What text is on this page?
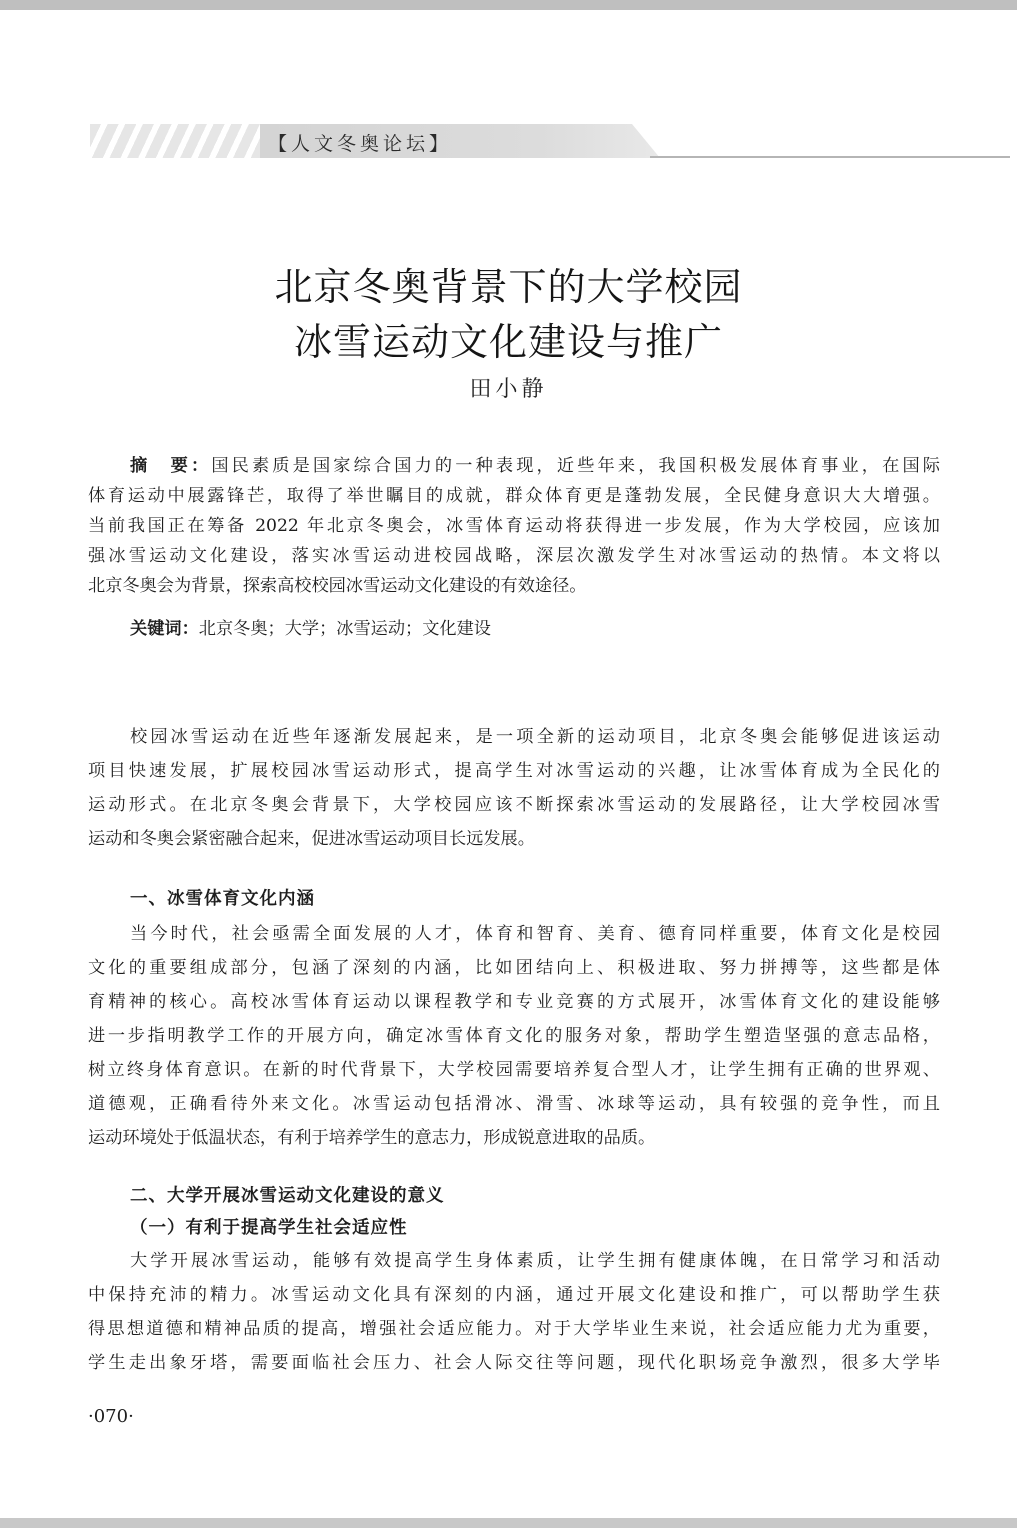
【人文冬奥论坛】
北京冬奥背景下的大学校园
冰雪运动文化建设与推广
田小静
摘　要：国民素质是国家综合国力的一种表现，近些年来，我国积极发展体育事业，在国际
体育运动中展露锋芒，取得了举世瞩目的成就，群众体育更是蓬勃发展，全民健身意识大大增强。
当前我国正在筹备 2022 年北京冬奥会，冰雪体育运动将获得进一步发展，作为大学校园，应该加
强冰雪运动文化建设，落实冰雪运动进校园战略，深层次激发学生对冰雪运动的热情。本文将以
北京冬奥会为背景，探索高校校园冰雪运动文化建设的有效途径。
关键词：北京冬奥；大学；冰雪运动；文化建设
校园冰雪运动在近些年逐渐发展起来，是一项全新的运动项目，北京冬奥会能够促进该运动
项目快速发展，扩展校园冰雪运动形式，提高学生对冰雪运动的兴趣，让冰雪体育成为全民化的
运动形式。在北京冬奥会背景下，大学校园应该不断探索冰雪运动的发展路径，让大学校园冰雪
运动和冬奥会紧密融合起来，促进冰雪运动项目长远发展。
一、冰雪体育文化内涵
当今时代，社会亟需全面发展的人才，体育和智育、美育、德育同样重要，体育文化是校园
文化的重要组成部分，包涵了深刻的内涵，比如团结向上、积极进取、努力拼搏等，这些都是体
育精神的核心。高校冰雪体育运动以课程教学和专业竞赛的方式展开，冰雪体育文化的建设能够
进一步指明教学工作的开展方向，确定冰雪体育文化的服务对象，帮助学生塑造坚强的意志品格，
树立终身体育意识。在新的时代背景下，大学校园需要培养复合型人才，让学生拥有正确的世界观、
道德观，正确看待外来文化。冰雪运动包括滑冰、滑雪、冰球等运动，具有较强的竞争性，而且
运动环境处于低温状态，有利于培养学生的意志力，形成锐意进取的品质。
二、大学开展冰雪运动文化建设的意义
（一）有利于提高学生社会适应性
大学开展冰雪运动，能够有效提高学生身体素质，让学生拥有健康体魄，在日常学习和活动
中保持充沛的精力。冰雪运动文化具有深刻的内涵，通过开展文化建设和推广，可以帮助学生获
得思想道德和精神品质的提高，增强社会适应能力。对于大学毕业生来说，社会适应能力尤为重要，
学生走出象牙塔，需要面临社会压力、社会人际交往等问题，现代化职场竞争激烈，很多大学毕
·070·
